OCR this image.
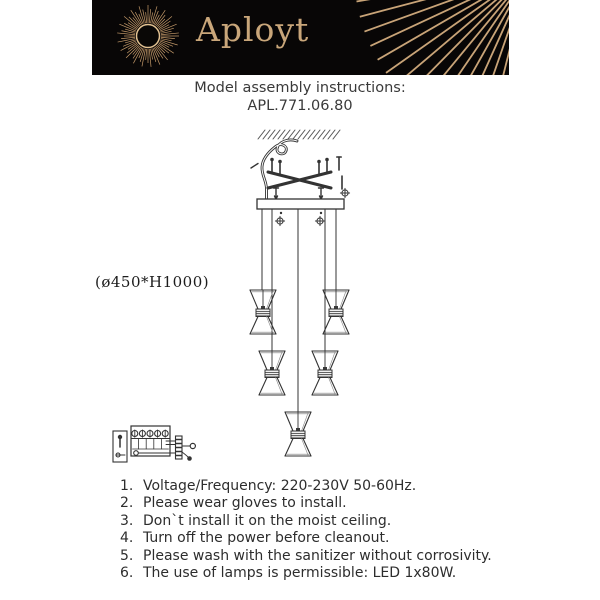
Aployt
Model assembly instructions:
APL.771.06.80
(ø450*H1000)
1. Voltage/Frequency: 220-230V 50-60Hz.
2. Please wear gloves to install.
3. Don`t install it on the moist ceiling.
4. Turn off the power before cleanout.
5. Please wash with the sanitizer without corrosivity.
6. The use of lamps is permissible: LED 1x80W.
